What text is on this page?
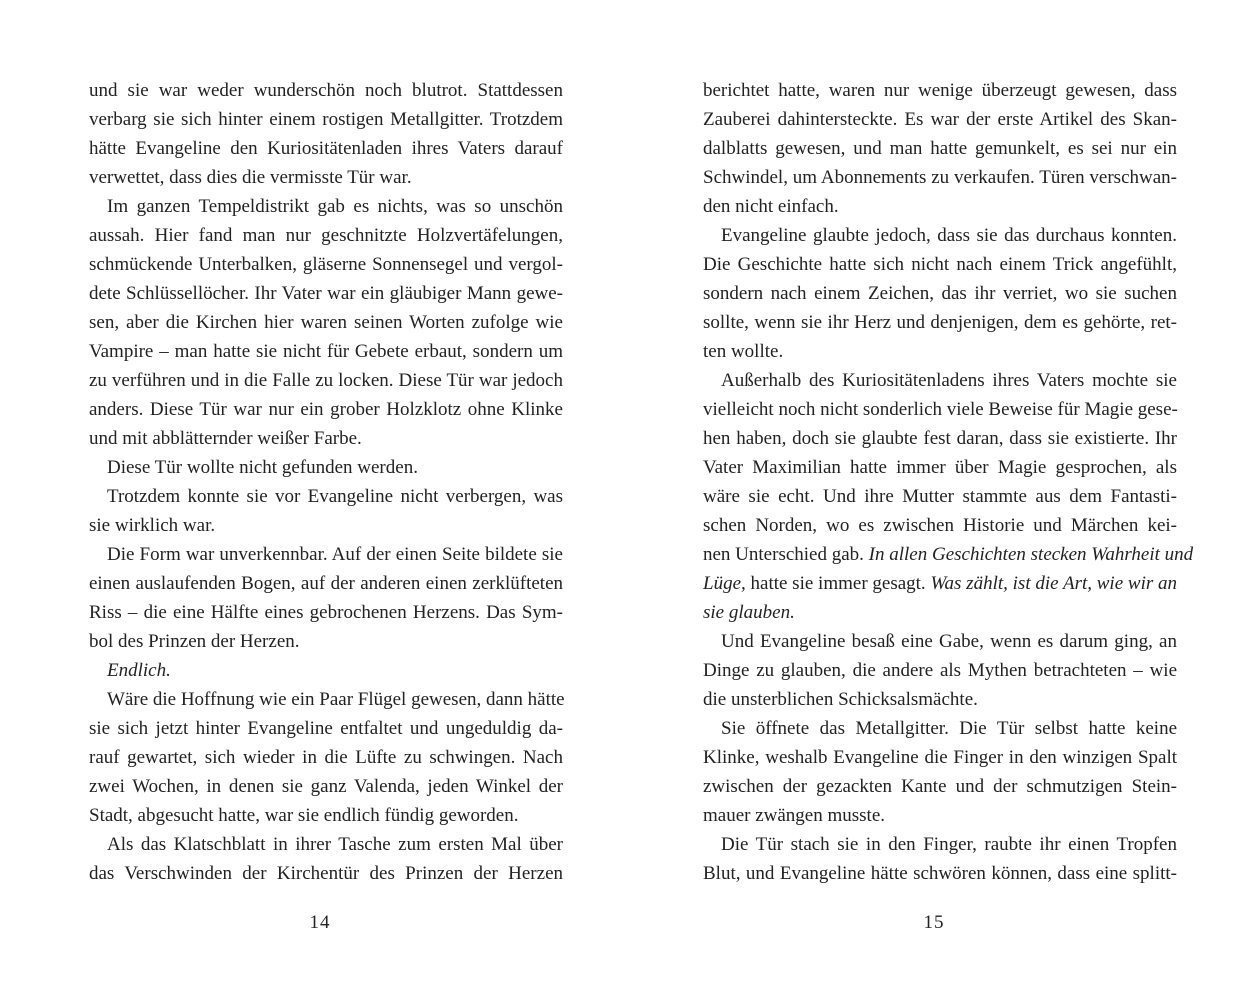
und sie war weder wunderschön noch blutrot. Stattdessen
verbarg sie sich hinter einem rostigen Metallgitter. Trotzdem
hätte Evangeline den Kuriositätenladen ihres Vaters darauf
verwettet, dass dies die vermisste Tür war.
Im ganzen Tempeldistrikt gab es nichts, was so unschön
aussah. Hier fand man nur geschnitzte Holzvertäfelungen,
schmückende Unterbalken, gläserne Sonnensegel und vergol-
dete Schlüssellöcher. Ihr Vater war ein gläubiger Mann gewe-
sen, aber die Kirchen hier waren seinen Worten zufolge wie
Vampire – man hatte sie nicht für Gebete erbaut, sondern um
zu verführen und in die Falle zu locken. Diese Tür war jedoch
anders. Diese Tür war nur ein grober Holzklotz ohne Klinke
und mit abblätternder weißer Farbe.
Diese Tür wollte nicht gefunden werden.
Trotzdem konnte sie vor Evangeline nicht verbergen, was
sie wirklich war.
Die Form war unverkennbar. Auf der einen Seite bildete sie
einen auslaufenden Bogen, auf der anderen einen zerklüfteten
Riss – die eine Hälfte eines gebrochenen Herzens. Das Sym-
bol des Prinzen der Herzen.
Endlich.
Wäre die Hoffnung wie ein Paar Flügel gewesen, dann hätte
sie sich jetzt hinter Evangeline entfaltet und ungeduldig da-
rauf gewartet, sich wieder in die Lüfte zu schwingen. Nach
zwei Wochen, in denen sie ganz Valenda, jeden Winkel der
Stadt, abgesucht hatte, war sie endlich fündig geworden.
Als das Klatschblatt in ihrer Tasche zum ersten Mal über
das Verschwinden der Kirchentür des Prinzen der Herzen
berichtet hatte, waren nur wenige überzeugt gewesen, dass
Zauberei dahintersteckte. Es war der erste Artikel des Skan-
dalblatts gewesen, und man hatte gemunkelt, es sei nur ein
Schwindel, um Abonnements zu verkaufen. Türen verschwan-
den nicht einfach.
Evangeline glaubte jedoch, dass sie das durchaus konnten.
Die Geschichte hatte sich nicht nach einem Trick angefühlt,
sondern nach einem Zeichen, das ihr verriet, wo sie suchen
sollte, wenn sie ihr Herz und denjenigen, dem es gehörte, ret-
ten wollte.
Außerhalb des Kuriositätenladens ihres Vaters mochte sie
vielleicht noch nicht sonderlich viele Beweise für Magie gese-
hen haben, doch sie glaubte fest daran, dass sie existierte. Ihr
Vater Maximilian hatte immer über Magie gesprochen, als
wäre sie echt. Und ihre Mutter stammte aus dem Fantasti-
schen Norden, wo es zwischen Historie und Märchen kei-
nen Unterschied gab. In allen Geschichten stecken Wahrheit und
Lüge, hatte sie immer gesagt. Was zählt, ist die Art, wie wir an
sie glauben.
Und Evangeline besaß eine Gabe, wenn es darum ging, an
Dinge zu glauben, die andere als Mythen betrachteten – wie
die unsterblichen Schicksalsmächte.
Sie öffnete das Metallgitter. Die Tür selbst hatte keine
Klinke, weshalb Evangeline die Finger in den winzigen Spalt
zwischen der gezackten Kante und der schmutzigen Stein-
mauer zwängen musste.
Die Tür stach sie in den Finger, raubte ihr einen Tropfen
Blut, und Evangeline hätte schwören können, dass eine splitt-
14	15
